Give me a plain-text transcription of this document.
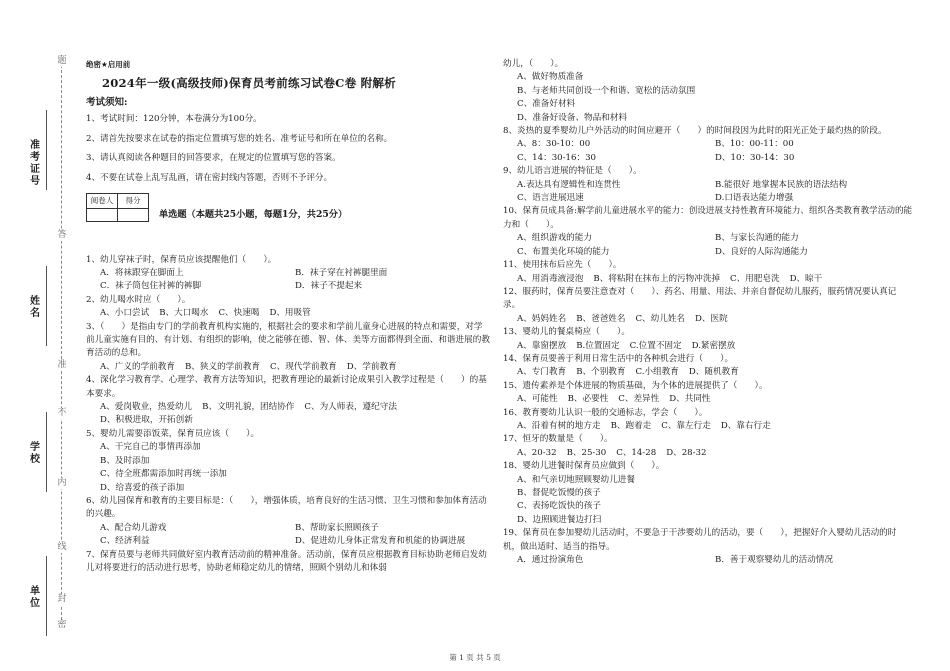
准考证号
姓名
学校
单位
题
答
准
不
内
线
封
密
绝密★启用前
2024年一级(高级技师)保育员考前练习试卷C卷 附解析
考试须知:
1、考试时间：120分钟，本卷满分为100分。
2、请首先按要求在试卷的指定位置填写您的姓名、准考证号和所在单位的名称。
3、请认真阅读各种题目的回答要求，在规定的位置填写您的答案。
4、不要在试卷上乱写乱画，请在密封线内答题，否则不予评分。
阅卷人	得分

单选题（本题共25小题，每题1分，共25分）
1、幼儿穿袜子时，保育员应该提醒他们（　　）。
A．将袜跟穿在脚面上	B．袜子穿在衬裤腿里面
C．袜子筒包住衬裤的裤脚	D．袜子不提起来
2、幼儿喝水时应（　　）。
A、小口尝试 B、大口喝水 C、快速喝 D、用吸管
3、（　　）是指由专门的学前教育机构实施的，根据社会的要求和学前儿童身心进展的特点和需要，对学前儿童实施有目的、有计划、有组织的影响，使之能够在德、智、体、美等方面都得到全面、和谐进展的教育活动的总和。
A、广义的学前教育 B、狭义的学前教育 C、现代学前教育 D、学前教育
4、深化学习教育学、心理学、教育方法等知识，把教育理论的最新讨论成果引入教学过程是（　　）的基本要求。
A、爱岗敬业，热爱幼儿 B、文明礼貌，团结协作 C、为人师表，遵纪守法
D、积极进取，开拓创新
5、婴幼儿需要添饭菜，保育员应该（　　）。
A、干完自己的事情再添加
B、及时添加
C、待全班都需添加时再统一添加
D、给喜爱的孩子添加
6、幼儿园保育和教育的主要目标是：（　　），增强体质，培育良好的生活习惯、卫生习惯和参加体育活动的兴趣。
A、配合幼儿游戏	B、帮助家长照顾孩子
C、经济利益	D、促进幼儿身体正常发育和机能的协调进展
7、保育员要与老师共同做好室内教育活动前的精神准备。活动前，保育员应根据教育目标协助老师启发幼儿对将要进行的活动进行思考，协助老师稳定幼儿的情绪，照顾个别幼儿和体弱
幼儿，（　　）。
A、做好物质准备
B、与老师共同创设一个和谐、宽松的活动氛围
C、准备好材料
D、准备好设备、物品和材料
8、炎热的夏季婴幼儿户外活动的时间应避开（　　）的时间段因为此时的阳光正处于最灼热的阶段。
A、8：30-10：00	B、10：00-11：00
C、14：30-16：30	D、10：30-14：30
9、幼儿语言进展的特征是（　　）。
A.表达具有逻辑性和连贯性	B.能很好 地掌握本民族的语法结构
C、语言进展迅速	D.口语表达能力增强
10、保育员成具备:解学前儿童进展水平的能力：创设进展支持性教育环境能力、组织各类教育教学活动的能力和（　　）。
A、组织游戏的能力	B、与家长沟通的能力
C、布置美化环境的能力	D、良好的人际沟通能力
11、使用抹布后应先（　　）。
A、用消毒液浸泡 B、将粘附在抹布上的污物冲洗掉 C、用肥皂洗 D、晾干
12、服药时，保育员要注意查对（　　）、药名、用量、用法、并亲自督促幼儿服药，服药情况要认真记录。
A、妈妈姓名 B、爸爸姓名 C、幼儿姓名 D、医院
13、婴幼儿的餐桌椅应（　　）。
A、靠窗摆放 B.位置固定 C.位置不固定 D.紧密摆放
14、保育员要善于利用日常生活中的各种机会进行（　　）。
A、专门教育 B、个别教育 C.小组教育 D、随机教育
15、遗传素养是个体进展的物质基础，为个体的进展提供了（　　）。
A、可能性 B、必要性 C、差异性 D、共同性
16、教育婴幼儿认识一般的交通标志，学会（　　）。
A、沿着有树的地方走 B、跑着走 C、靠左行走 D、靠右行走
17、恒牙的数量是（　　）。
A、20-32 B、25-30 C、14-28 D、28-32
18、婴幼儿进餐时保育员应做到（　　）。
A、和气亲切地照顾婴幼儿进餐
B、督促吃饭慢的孩子
C、表扬吃饭快的孩子
D、边照顾进餐边打扫
19、保育员在参加婴幼儿活动时，不要急于干涉婴幼儿的活动，要（　　），把握好介入婴幼儿活动的时机，做出适时、适当的指导。
A．通过扮演角色	B．善于观察婴幼儿的活动情况
第 1 页 共 5 页
